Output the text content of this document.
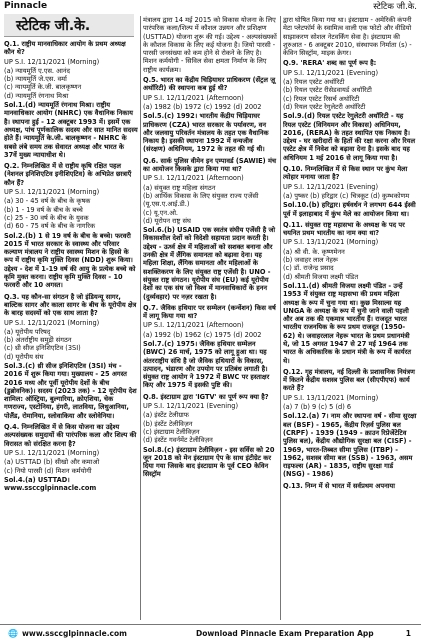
Pinnacle	स्टेटिक जी.के.
स्टेटिक जी.के.
Q.1. राष्ट्रीय मानवाधिकार आयोग के प्रथम अध्यक्ष कौन थे?
UP S.I. 12/11/2021 (Morning)
(a) न्यायमूर्ति ए.एस. आनंद
(b) न्यायमूर्ति जे.एस. वर्मा
(c) न्यायमूर्ति के.जी. बालकृष्णन
(d) न्यायमूर्ति रंगनाथ मिश्रा
Sol.1.(d) न्यायमूर्ति रंगनाथ मिश्रा। राष्ट्रीय मानवाधिकार आयोग (NHRC) एक वैधानिक निकाय है। स्थापना हुई - 12 अक्टूबर 1993 में। इसमें एक अध्यक्ष, पांच पूर्णकालिक सदस्य और सात मानित सदस्य होते हैं। न्यायमूर्ति के.जी. बालकृष्णन - NHRC के सबसे लंबे समय तक सेवारत अध्यक्ष और भारत के 37वें मुख्य न्यायाधीश थे।
Q.2. निम्नलिखित में से राष्ट्रीय कृषि रक्षित पहल (नेशनल इनिशिएटिव इनीशिएटिव) के अभिप्रेत छात्राएँ कौन हैं?
UP S.I. 12/11/2021 (Morning)
(a) 30 - 45 वर्ष के बीच के कृषक
(b) 1 - 19 वर्ष के बीच के बच्चे
(c) 25 - 30 वर्ष के बीच के युवक
(d) 60 - 75 वर्ष के बीच के नागरिक
Sol.2.(b) 1 से 19 वर्ष के बीच के बच्चे। फरवरी 2015 में भारत सरकार के स्वास्थ्य और परिवार कल्याण मंत्रालय ने राष्ट्रीय स्वास्थ्य मिशन के हिस्से के रूप में राष्ट्रीय कृमि मुक्ति दिवस (NDD) शुरू किया। उद्देश्य - देश में 1-19 वर्ष की आयु के प्रत्येक बच्चे को कृमि मुक्त करना। राष्ट्रीय कृमि मुक्ति दिवस - 10 फरवरी और 10 अगस्त।
Q.3. यह कौन-सा संगठन है जो इंडियन्यू सागर, बाल्टिक सागर और काला सागर के बीच के यूरोपीय क्षेत्र के बारह सदस्यों को एक साथ लाता है?
UP S.I. 12/11/2021 (Morning)
(a) यूरोपीय परिषद्
(b) अंतर्राष्ट्रीय समुद्री संगठन
(c) थ्री सीज इनिशिएटिव (3SI)
(d) यूरोपीय संघ
Sol.3.(c) थ्री सीज इनिशिएटिव (3SI) मंच - 2016 में शुरू किया गया। मुख्यालय - 25 अगस्त 2016 मध्य और पूर्वी यूरोपीय देशों के बीच (डुब्रोवनिक)। सदस्य (2023 तक) - 12 यूरोपीय देश शामिल: ऑस्ट्रिया, बुल्गारिया, क्रोएशिया, चेक गणराज्य, एस्टोनिया, हंगरी, लातविया, लिथुआनिया, पोलैंड, रोमानिया, स्लोवाकिया और स्लोवेनिया।
Q.4. निम्नलिखित में से किस योजना का उद्देश्य अल्पसंख्यक समुदायों की पारंपरिक कला और शिल्प की विरासत को संरक्षित करना है?
UP S.I. 12/11/2021 (Morning)
(a) USTTAD (b) सीखो और कमाओ
(c) नियो पारसी (d) मिशन कर्मयोगी
Sol.4.(a) USTTAD। www.ssccglpinnacle.com
मंत्रालय द्वारा 14 मई 2015 को विकास योजना के लिए पारंपरिक कला/शिल्प में कौशल उन्नयन और प्रशिक्षण (USTTAD) योजना शुरू की गई। उद्देश्य - अल्पसंख्यकों के कौशल विकास के लिए कई योजना है। जियो पारसी - पारसी जनसंख्या को कम होने से रोकने के लिए है। मिशन कर्मयोगी - सिविल सेवा क्षमता निर्माण के लिए राष्ट्रीय कार्यक्रम।
Q.5. भारत का केंद्रीय चिड़ियाघर प्राधिकरण (सेंट्रल ज़ू अथॉरिटी) की स्थापना कब हुई थी?
UP S.I. 12/11/2021 (Afternoon)
(a) 1982 (b) 1972 (c) 1992 (d) 2002
Sol.5.(c) 1992। भारतीय केंद्रीय चिड़ियाघर प्राधिकरण (CZA) भारत सरकार के पर्यावरण, वन और जलवायु परिवर्तन मंत्रालय के तहत एक वैधानिक निकाय है। इसकी स्थापना 1992 में वन्यजीव (संरक्षण) अधिनियम, 1972 के तहत की गई थी।
Q.6. सार्क पुलिस वीमेन इन एम्पावर्ड (SAWIE) मंच का आयोजन किसके द्वारा किया गया था?
UP S.I. 12/11/2021 (Afternoon)
(a) संयुक्त राष्ट्र महिला संगठन
(b) आर्थिक विकास के लिए संयुक्त राज्य एजेंसी (यू.एस.ए.आई.डी.)
(c) यू.एन.ओ.
(d) यूरोपन राष्ट्र संघ
Sol.6.(b) USAID एक स्वतंत्र संघीय एजेंसी है जो विकासशील देशों को विदेशी सहायता प्रदान करती है। उद्देश्य - ऊर्ध्व क्षेत्र में महिलाओं को सशक्त बनाना और उनकी क्षेत्र में लैंगिक समानता को बढ़ावा देना। यह महिला शिक्षा, लैंगिक समानता और महिलाओं के सशक्तिकरण के लिए संयुक्त राष्ट्र एजेंसी है। UNO - संयुक्त राष्ट्र संगठन। यूरोपीय संघ (EU) कई यूरोपीय देशों का एक संघ जो विश्व में मानवाधिकारों के हनन (दुर्व्यवहार) पर नज़र रखता है।
Q.7. जैविक हथियार पर सम्मेलन (कन्वेंशन) किस वर्ष में लागू किया गया था?
UP S.I. 12/11/2021 (Afternoon)
(a) 1992 (b) 1962 (c) 1975 (d) 2002
Sol.7.(c) 1975। जैविक हथियार सम्मेलन (BWC) 26 मार्च, 1975 को लागू हुआ था। यह अंतरराष्ट्रीय संधि है जो जैविक हथियारों के विकास, उत्पादन, भंडारण और उपयोग पर प्रतिबंध लगाती है। संयुक्त राष्ट्र आयोग ने 1972 में BWC पर हस्ताक्षर किए और 1975 में इसकी पुष्टि की।
Q.8. इंस्टाग्राम द्वारा 'IGTV' का पूर्ण रूप क्या है?
UP S.I. 12/11/2021 (Evening)
(a) इंस्टेंट टेलीग्राफ
(b) इंस्टेंट टेलीविज़न
(c) इंस्टाग्राम टेलीविज़न
(d) इंस्टेंट गवर्नमेंट टेलीविज़न
Sol.8.(c) इंस्टाग्राम टेलीविज़न - इस सर्विस को 20 जून 2018 को मेन इंस्टाग्राम ऐप के साथ इंटीग्रेट कर दिया गया जिसके बाद इंस्टाग्राम के पूर्व CEO केविन सिस्ट्रॉम
द्वारा घोषित किया गया था। इंस्टाग्राम - अमेरिकी कंपनी मेटा प्लेटफॉर्म के स्वामित्व वाली एक फोटो और वीडियो साझाकरण सोशल नेटवर्किंग सेवा है। इंस्टाग्राम की शुरुआत - 6 अक्टूबर 2010, संस्थापक निर्माता (s) - केविन सिस्ट्रॉम, माइक क्रेगर।
Q.9. 'RERA' शब्द का पूर्ण रूप है:
UP S.I. 12/11/2021 (Evening)
(a) रियल एस्टेट अथॉरिटी
(b) रियल एस्टेट रीसेडवायर्ड अथॉरिटी
(c) रियल एस्टेट रिसर्च अथॉरिटी
(d) रियल एस्टेट रेगुलेटरी अथॉरिटी
Sol.9.(d) रियल एस्टेट रेगुलेटरी अथॉरिटी - यह रियल एस्टेट (विनियमन और विकास) अधिनियम, 2016, (RERA) के तहत स्थापित एक निकाय है। उद्देश्य - घर खरीदारों के हितों की रक्षा करना और रियल एस्टेट क्षेत्र में निवेश को बढ़ावा देना है। इसके बाद यह अधिनियम 1 मई 2016 से लागू किया गया है।
Q.10. निम्नलिखित में से किस स्थान पर कुंभ मेला त्योहार मनाया जाता है?
UP S.I. 12/11/2021 (Evening)
(a) पुष्कर (b) हरिद्वार (c) चित्रकूट (d) कुम्भकोणम
Sol.10.(b) हरिद्वार। हर्षवर्धन ने लगभग 644 ईस्वी पूर्व में इलाहाबाद में कुंभ मेले का आयोजन किया था।
Q.11. संयुक्त राष्ट्र महासभा के अध्यक्ष के पद पर चयनित प्रथम भारतीय का नाम क्या था?
UP S.I. 13/11/2021 (Morning)
(a) श्री वी. के. कृष्णमेनन
(b) जवाहर लाल नेहरू
(c) डॉ. राजेन्द्र प्रसाद
(d) श्रीमती विजया लक्ष्मी पंडित
Sol.11.(d) श्रीमती विजया लक्ष्मी पंडित - उन्हें 1953 में संयुक्त राष्ट्र महासभा की प्रथम महिला अध्यक्ष के रूप में चुना गया था। कुछ मिसाल्स यह UNGA के अध्यक्ष के रूप में चुनी जाने वाली पहली और अब तक की एकमात्र भारतीय हैं। राजदूत भारत भारतीय राजनयिक के रूप प्रथम राजदूत (1950-62) थे। जवाहरलाल नेहरू भारत के प्रथम प्रधानमंत्री थे, जो 15 अगस्त 1947 से 27 मई 1964 तक भारत के अधिकारिक के प्रधान मंत्री के रूप में कार्यरत थे।
Q.12. गृह मंत्रालय, नई दिल्ली के प्रशासनिक नियंत्रण में कितने केंद्रीय सशस्त्र पुलिस बल (सीएपीएफ) कार्य करते हैं?
UP S.I. 13/11/2021 (Morning)
(a) 7 (b) 9 (c) 5 (d) 6
Sol.12.(a) 7। नाम और स्थापना वर्ष - सीमा सुरक्षा बल (BSF) - 1965, केंद्रीय रिज़र्व पुलिस बल (CRPF) - 1939 (1949 - क्राउन रिप्रेजेंटेटिव पुलिस बल), केंद्रीय औद्योगिक सुरक्षा बल (CISF) - 1969, भारत-तिब्बत सीमा पुलिस (ITBP) - 1962, सशस्त्र सीमा बल (SSB) - 1963, असम राइफल्स (AR) - 1835, राष्ट्रीय सुरक्षा गार्ड (NSG) - 1986)
Q.13. निम्न में से भारत में सर्वप्रथम अपनाया
🌐 www.ssccglpinnacle.com	Download Pinnacle Exam Preparation App	1
